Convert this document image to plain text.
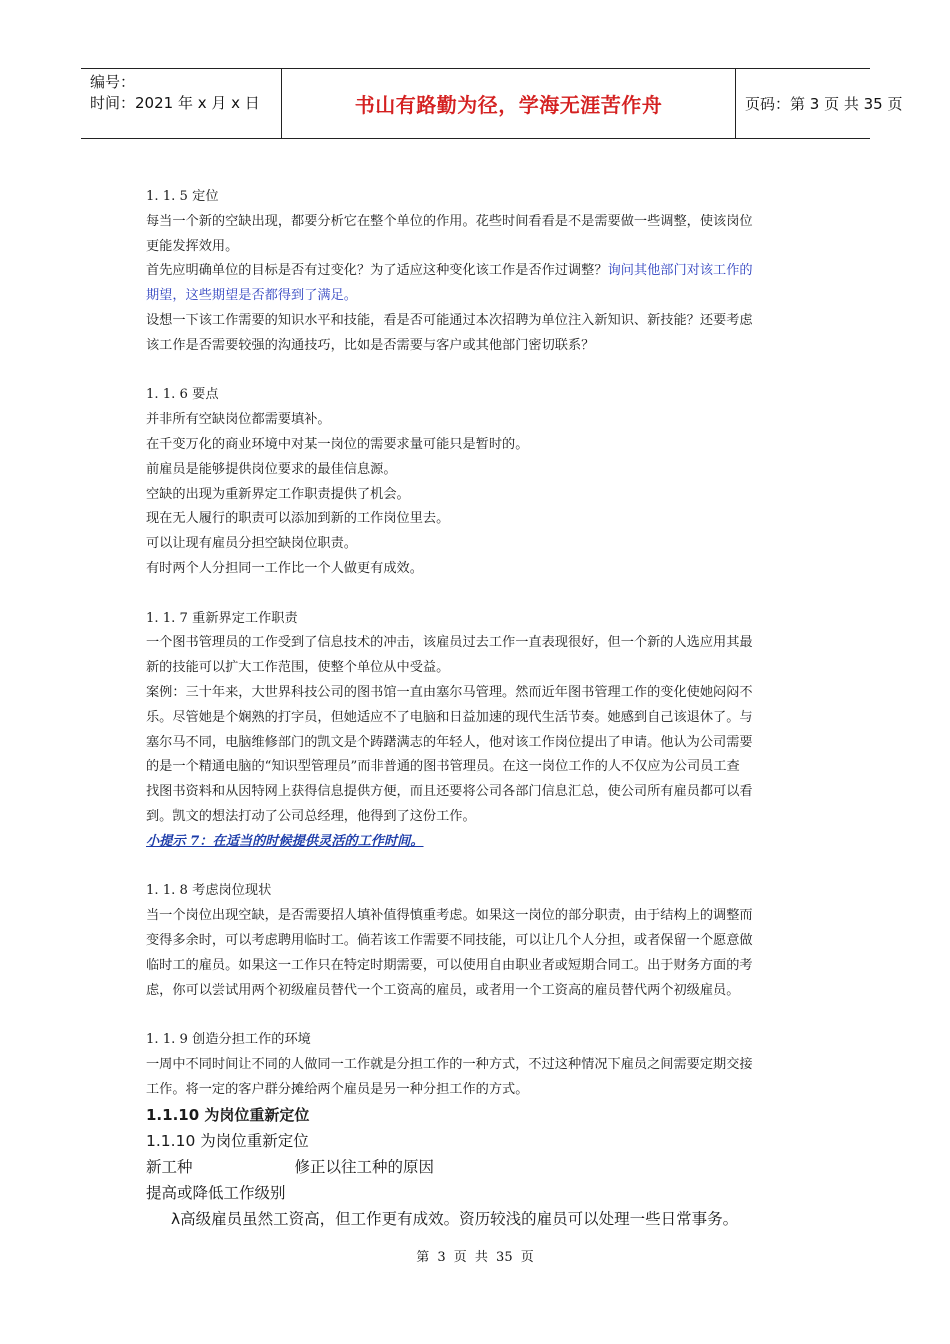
编号：
时间：2021 年 x 月 x 日	书山有路勤为径，学海无涯苦作舟	页码：第 3 页 共 35 页
1. 1. 5 定位
每当一个新的空缺出现，都要分析它在整个单位的作用。花些时间看看是不是需要做一些调整，使该岗位
更能发挥效用。
首先应明确单位的目标是否有过变化？为了适应这种变化该工作是否作过调整？询问其他部门对该工作的
期望，这些期望是否都得到了满足。
设想一下该工作需要的知识水平和技能，看是否可能通过本次招聘为单位注入新知识、新技能？还要考虑
该工作是否需要较强的沟通技巧，比如是否需要与客户或其他部门密切联系？
1. 1. 6 要点
并非所有空缺岗位都需要填补。
在千变万化的商业环境中对某一岗位的需要求量可能只是暂时的。
前雇员是能够提供岗位要求的最佳信息源。
空缺的出现为重新界定工作职责提供了机会。
现在无人履行的职责可以添加到新的工作岗位里去。
可以让现有雇员分担空缺岗位职责。
有时两个人分担同一工作比一个人做更有成效。
1. 1. 7 重新界定工作职责
一个图书管理员的工作受到了信息技术的冲击，该雇员过去工作一直表现很好，但一个新的人选应用其最
新的技能可以扩大工作范围，使整个单位从中受益。
案例：三十年来，大世界科技公司的图书馆一直由塞尔马管理。然而近年图书管理工作的变化使她闷闷不
乐。尽管她是个娴熟的打字员，但她适应不了电脑和日益加速的现代生活节奏。她感到自己该退休了。与
塞尔马不同，电脑维修部门的凯文是个踌躇满志的年轻人，他对该工作岗位提出了申请。他认为公司需要
的是一个精通电脑的“知识型管理员”而非普通的图书管理员。在这一岗位工作的人不仅应为公司员工查
找图书资料和从因特网上获得信息提供方便，而且还要将公司各部门信息汇总，使公司所有雇员都可以看
到。凯文的想法打动了公司总经理，他得到了这份工作。
小提示 7：在适当的时候提供灵活的工作时间。
1. 1. 8 考虑岗位现状
当一个岗位出现空缺，是否需要招人填补值得慎重考虑。如果这一岗位的部分职责，由于结构上的调整而
变得多余时，可以考虑聘用临时工。倘若该工作需要不同技能，可以让几个人分担，或者保留一个愿意做
临时工的雇员。如果这一工作只在特定时期需要，可以使用自由职业者或短期合同工。出于财务方面的考
虑，你可以尝试用两个初级雇员替代一个工资高的雇员，或者用一个工资高的雇员替代两个初级雇员。
1. 1. 9 创造分担工作的环境
一周中不同时间让不同的人做同一工作就是分担工作的一种方式，不过这种情况下雇员之间需要定期交接
工作。将一定的客户群分摊给两个雇员是另一种分担工作的方式。
1.1.10 为岗位重新定位
1.1.10 为岗位重新定位
新工种	修正以往工种的原因
提高或降低工作级别
λ高级雇员虽然工资高，但工作更有成效。资历较浅的雇员可以处理一些日常事务。
第 3 页 共 35 页
